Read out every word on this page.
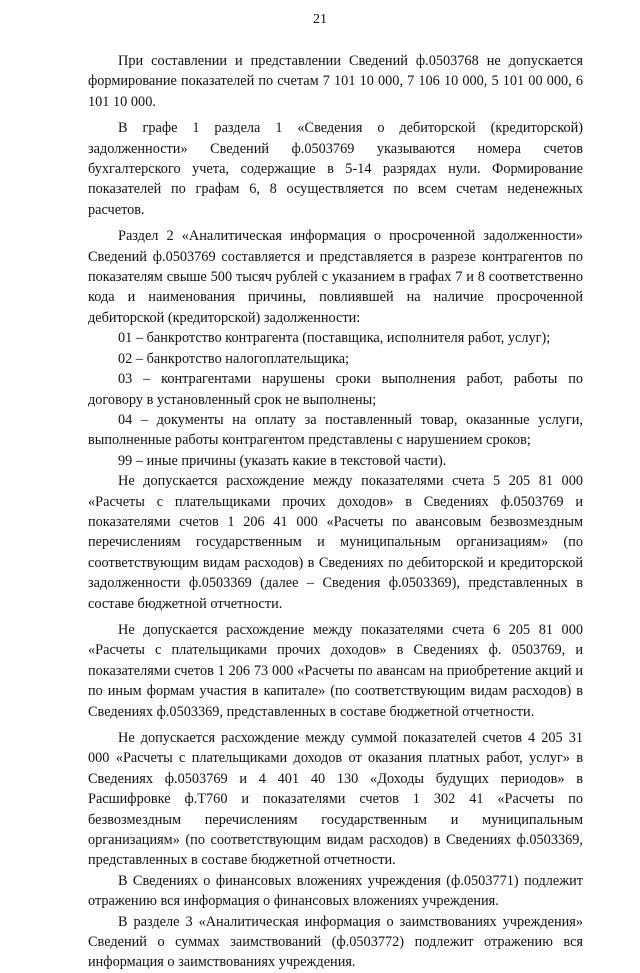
21

При составлении и представлении Сведений ф.0503768 не допускается формирование показателей по счетам 7 101 10 000, 7 106 10 000, 5 101 00 000, 6 101 10 000.

В графе 1 раздела 1 «Сведения о дебиторской (кредиторской) задолженности» Сведений ф.0503769 указываются номера счетов бухгалтерского учета, содержащие в 5-14 разрядах нули. Формирование показателей по графам 6, 8 осуществляется по всем счетам неденежных расчетов.

Раздел 2 «Аналитическая информация о просроченной задолженности» Сведений ф.0503769 составляется и представляется в разрезе контрагентов по показателям свыше 500 тысяч рублей с указанием в графах 7 и 8 соответственно кода и наименования причины, повлиявшей на наличие просроченной дебиторской (кредиторской) задолженности:

01 – банкротство контрагента (поставщика, исполнителя работ, услуг);

02 – банкротство налогоплательщика;

03 – контрагентами нарушены сроки выполнения работ, работы по договору в установленный срок не выполнены;

04 – документы на оплату за поставленный товар, оказанные услуги, выполненные работы контрагентом представлены с нарушением сроков;

99 – иные причины (указать какие в текстовой части).

Не допускается расхождение между показателями счета 5 205 81 000 «Расчеты с плательщиками прочих доходов» в Сведениях ф.0503769 и показателями счетов 1 206 41 000 «Расчеты по авансовым безвозмездным перечислениям государственным и муниципальным организациям» (по соответствующим видам расходов) в Сведениях по дебиторской и кредиторской задолженности ф.0503369 (далее – Сведения ф.0503369), представленных в составе бюджетной отчетности.

Не допускается расхождение между показателями счета 6 205 81 000 «Расчеты с плательщиками прочих доходов» в Сведениях ф. 0503769, и показателями счетов 1 206 73 000 «Расчеты по авансам на приобретение акций и по иным формам участия в капитале» (по соответствующим видам расходов) в Сведениях ф.0503369, представленных в составе бюджетной отчетности.

Не допускается расхождение между суммой показателей счетов 4 205 31 000 «Расчеты с плательщиками доходов от оказания платных работ, услуг» в Сведениях ф.0503769 и 4 401 40 130 «Доходы будущих периодов» в Расшифровке ф.Т760 и показателями счетов 1 302 41 «Расчеты по безвозмездным перечислениям государственным и муниципальным организациям» (по соответствующим видам расходов) в Сведениях ф.0503369, представленных в составе бюджетной отчетности.

В Сведениях о финансовых вложениях учреждения (ф.0503771) подлежит отражению вся информация о финансовых вложениях учреждения.

В разделе 3 «Аналитическая информация о заимствованиях учреждения» Сведений о суммах заимствований (ф.0503772) подлежит отражению вся информация о заимствованиях учреждения.
